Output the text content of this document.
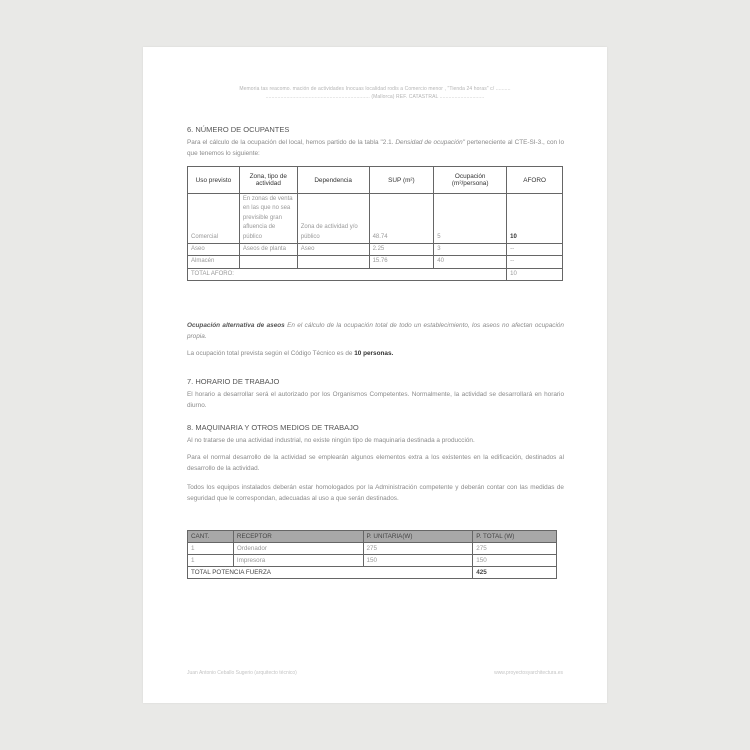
Memoria tas reacomo. mación de actividades Inocuas localidad rodis a Comercio menor , "Tienda 24 horas" c/ ..........
...................................................................... (Mallorca) REF. CATASTRAL ..............................
6. NÚMERO DE OCUPANTES
Para el cálculo de la ocupación del local, hemos partido de la tabla "2.1. Densidad de ocupación" perteneciente al CTE-SI-3., con lo que tenemos lo siguiente:
Uso previsto	Zona, tipo de actividad	Dependencia	SUP (m²)	Ocupación (m²/persona)	AFORO
Comercial	En zonas de venta en las que no sea previsible gran afluencia de público	Zona de actividad y/o público	48.74	5	10
Aseo	Aseos de planta	Aseo	2.25	3	--
Almacén			15.76	40	--
TOTAL AFORO:					10
Ocupación alternativa de aseos En el cálculo de la ocupación total de todo un establecimiento, los aseos no afectan ocupación propia.
La ocupación total prevista según el Código Técnico es de 10 personas.
7. HORARIO DE TRABAJO
El horario a desarrollar será el autorizado por los Organismos Competentes. Normalmente, la actividad se desarrollará en horario diurno.
8. MAQUINARIA Y OTROS MEDIOS DE TRABAJO
Al no tratarse de una actividad industrial, no existe ningún tipo de maquinaria destinada a producción.
Para el normal desarrollo de la actividad se emplearán algunos elementos extra a los existentes en la edificación, destinados al desarrollo de la actividad.
Todos los equipos instalados deberán estar homologados por la Administración competente y deberán contar con las medidas de seguridad que le correspondan, adecuadas al uso a que serán destinados.
CANT.	RECEPTOR	P. UNITARIA(W)	P. TOTAL (W)
1	Ordenador	275	275
1	Impresora	150	150
TOTAL POTENCIA FUERZA			425
Juan Antonio Ceballo Sugerio (arquitecto técnico)	www.proyectosyarchitectura.es
